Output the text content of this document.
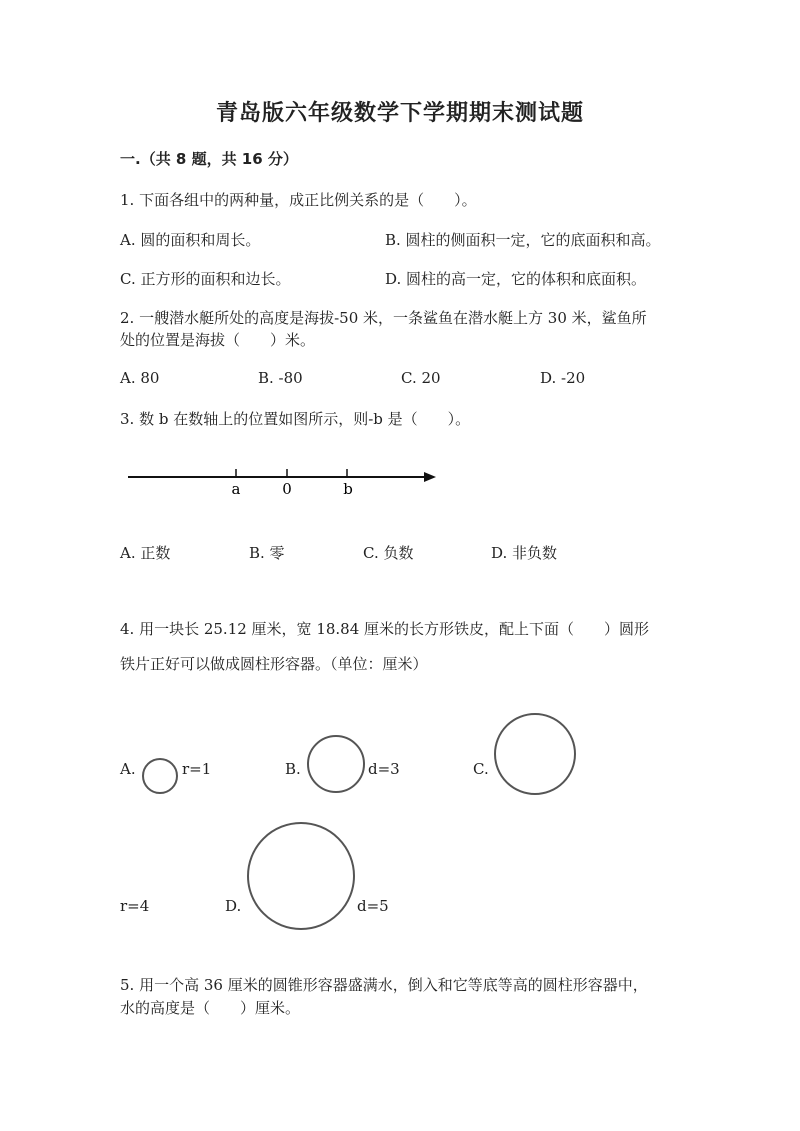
青岛版六年级数学下学期期末测试题
一.（共 8 题，共 16 分）
1. 下面各组中的两种量，成正比例关系的是（　　）。
A. 圆的面积和周长。	B. 圆柱的侧面积一定，它的底面积和高。
C. 正方形的面积和边长。	D. 圆柱的高一定，它的体积和底面积。
2. 一艘潜水艇所处的高度是海拔-50 米，一条鲨鱼在潜水艇上方 30 米，鲨鱼所
处的位置是海拔（　　）米。
A. 80	B. -80	C. 20	D. -20
3. 数 b 在数轴上的位置如图所示，则-b 是（　　）。
a	0	b
A. 正数	B. 零	C. 负数	D. 非负数
4. 用一块长 25.12 厘米，宽 18.84 厘米的长方形铁皮，配上下面（　　）圆形
铁片正好可以做成圆柱形容器。（单位：厘米）
A.	r=1	B.	d=3	C.
r=4	D.	d=5
5. 用一个高 36 厘米的圆锥形容器盛满水，倒入和它等底等高的圆柱形容器中，
水的高度是（　　）厘米。
